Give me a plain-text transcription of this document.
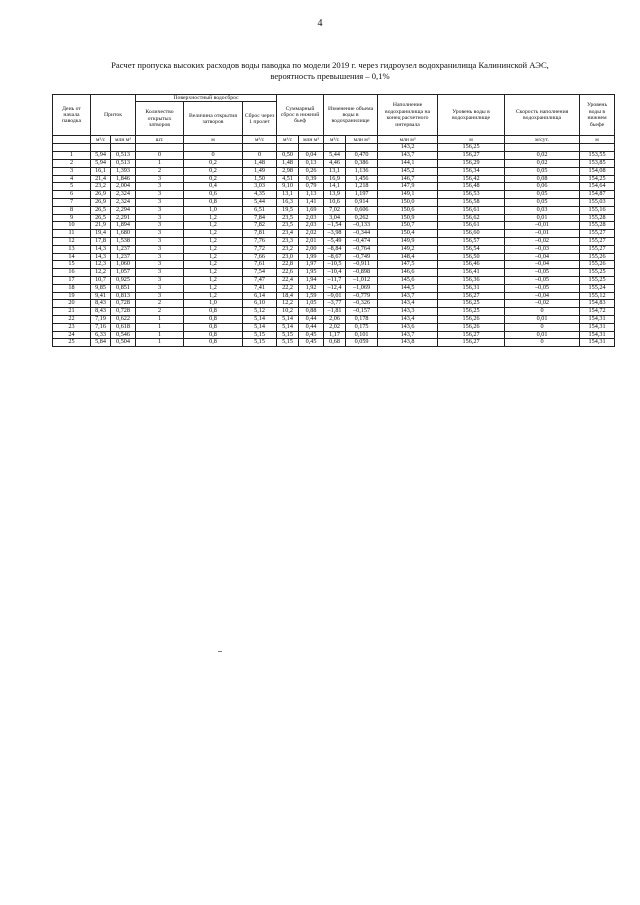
4
Расчет пропуска высоких расходов воды паводка по модели 2019 г. через гидроузел водохранилища Калининской АЭС,
вероятность превышения – 0,1%
День от начала паводка	Приток		Поверхностный водосброс			Суммарный сброс в нижний бьеф		Изменение объема воды в водохранилище		Наполнение водохранилища на конец расчетного интервала	Уровень воды в водохранилище	Скорость наполнения водохранилища	Уровень воды в нижнем бьефе
			Количество открытых затворов	Величина открытия затворов	Сброс через 1 пролет								
	м³/с	млн м³	шт.	м	м³/с	м³/с	млн м³	м³/с	млн м³	млн м³	м	м/сут.	м
										143,2	156,25		
1	5,94	0,513	0	0	0	0,50	0,04	5,44	0,470	143,7	156,27	0,02	153,55
2	5,94	0,513	1	0,2	1,48	1,48	0,13	4,46	0,386	144,1	156,29	0,02	153,85
3	16,1	1,393	2	0,2	1,49	2,98	0,26	13,1	1,136	145,2	156,34	0,05	154,08
4	21,4	1,846	3	0,2	1,50	4,51	0,39	16,9	1,456	146,7	156,42	0,08	154,25
5	23,2	2,004	3	0,4	3,03	9,10	0,79	14,1	1,218	147,9	156,48	0,06	154,64
6	26,9	2,324	3	0,6	4,35	13,1	1,13	13,9	1,197	149,1	156,53	0,05	154,87
7	26,9	2,324	3	0,8	5,44	16,3	1,41	10,6	0,914	150,0	156,58	0,05	155,03
8	26,5	2,294	3	1,0	6,51	19,5	1,69	7,02	0,606	150,6	156,61	0,03	155,16
9	26,5	2,291	3	1,2	7,84	23,5	2,03	3,04	0,262	150,9	156,62	0,01	155,28
10	21,9	1,894	3	1,2	7,82	23,5	2,03	–1,54	–0,133	150,7	156,61	–0,01	155,28
11	19,4	1,680	3	1,2	7,81	23,4	2,02	–3,98	–0,344	150,4	156,60	–0,01	155,27
12	17,8	1,538	3	1,2	7,76	23,3	2,01	–5,49	–0,474	149,9	156,57	–0,02	155,27
13	14,3	1,237	3	1,2	7,72	23,2	2,00	–8,84	–0,764	149,2	156,54	–0,03	155,27
14	14,3	1,237	3	1,2	7,66	23,0	1,99	–8,67	–0,749	148,4	156,50	–0,04	155,26
15	12,3	1,060	3	1,2	7,61	22,8	1,97	–10,5	–0,911	147,5	156,46	–0,04	155,26
16	12,2	1,057	3	1,2	7,54	22,6	1,95	–10,4	–0,898	146,6	156,41	–0,05	155,25
17	10,7	0,925	3	1,2	7,47	22,4	1,94	–11,7	–1,012	145,6	156,36	–0,05	155,25
18	9,85	0,851	3	1,2	7,41	22,2	1,92	–12,4	–1,069	144,5	156,31	–0,05	155,24
19	9,41	0,813	3	1,2	6,14	18,4	1,59	–9,01	–0,779	143,7	156,27	–0,04	155,12
20	8,43	0,728	2	1,0	6,10	12,2	1,05	–3,77	–0,326	143,4	156,25	–0,02	154,83
21	8,43	0,728	2	0,8	5,12	10,2	0,88	–1,81	–0,157	143,3	156,25	0	154,72
22	7,19	0,622	1	0,8	5,14	5,14	0,44	2,06	0,178	143,4	156,26	0,01	154,31
23	7,16	0,618	1	0,8	5,14	5,14	0,44	2,02	0,175	143,6	156,26	0	154,31
24	6,33	0,546	1	0,8	5,15	5,15	0,45	1,17	0,101	143,7	156,27	0,01	154,31
25	5,84	0,504	1	0,8	5,15	5,15	0,45	0,68	0,059	143,8	156,27	0	154,31
